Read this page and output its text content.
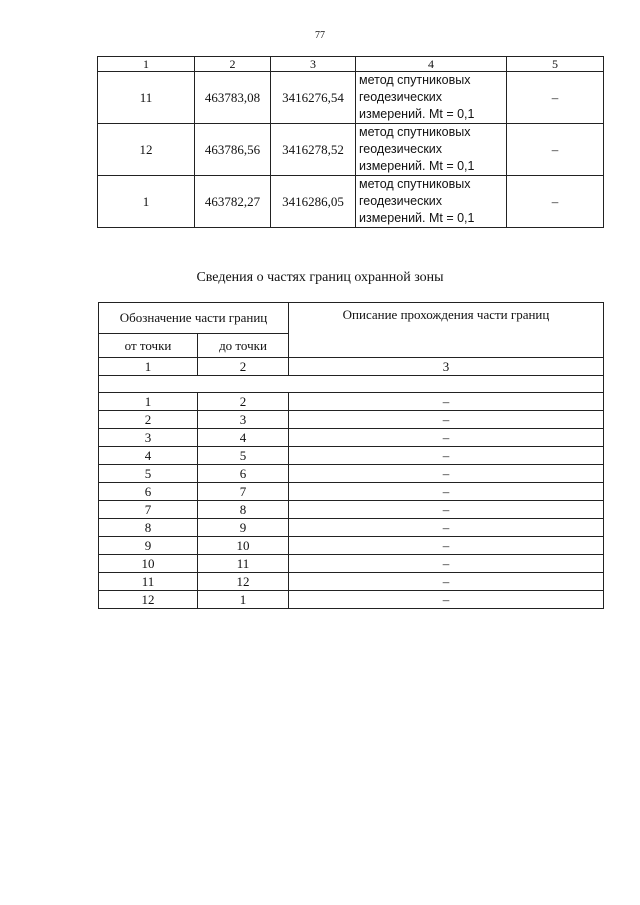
77
1	2	3	4	5
11	463783,08	3416276,54	метод спутниковых
геодезических
измерений. Mt = 0,1	–
12	463786,56	3416278,52	метод спутниковых
геодезических
измерений. Mt = 0,1	–
1	463782,27	3416286,05	метод спутниковых
геодезических
измерений. Mt = 0,1	–
Сведения о частях границ охранной зоны
Обозначение части границ		Описание прохождения части границ
от точки	до точки	
1	2	3

1	2	–
2	3	–
3	4	–
4	5	–
5	6	–
6	7	–
7	8	–
8	9	–
9	10	–
10	11	–
11	12	–
12	1	–
